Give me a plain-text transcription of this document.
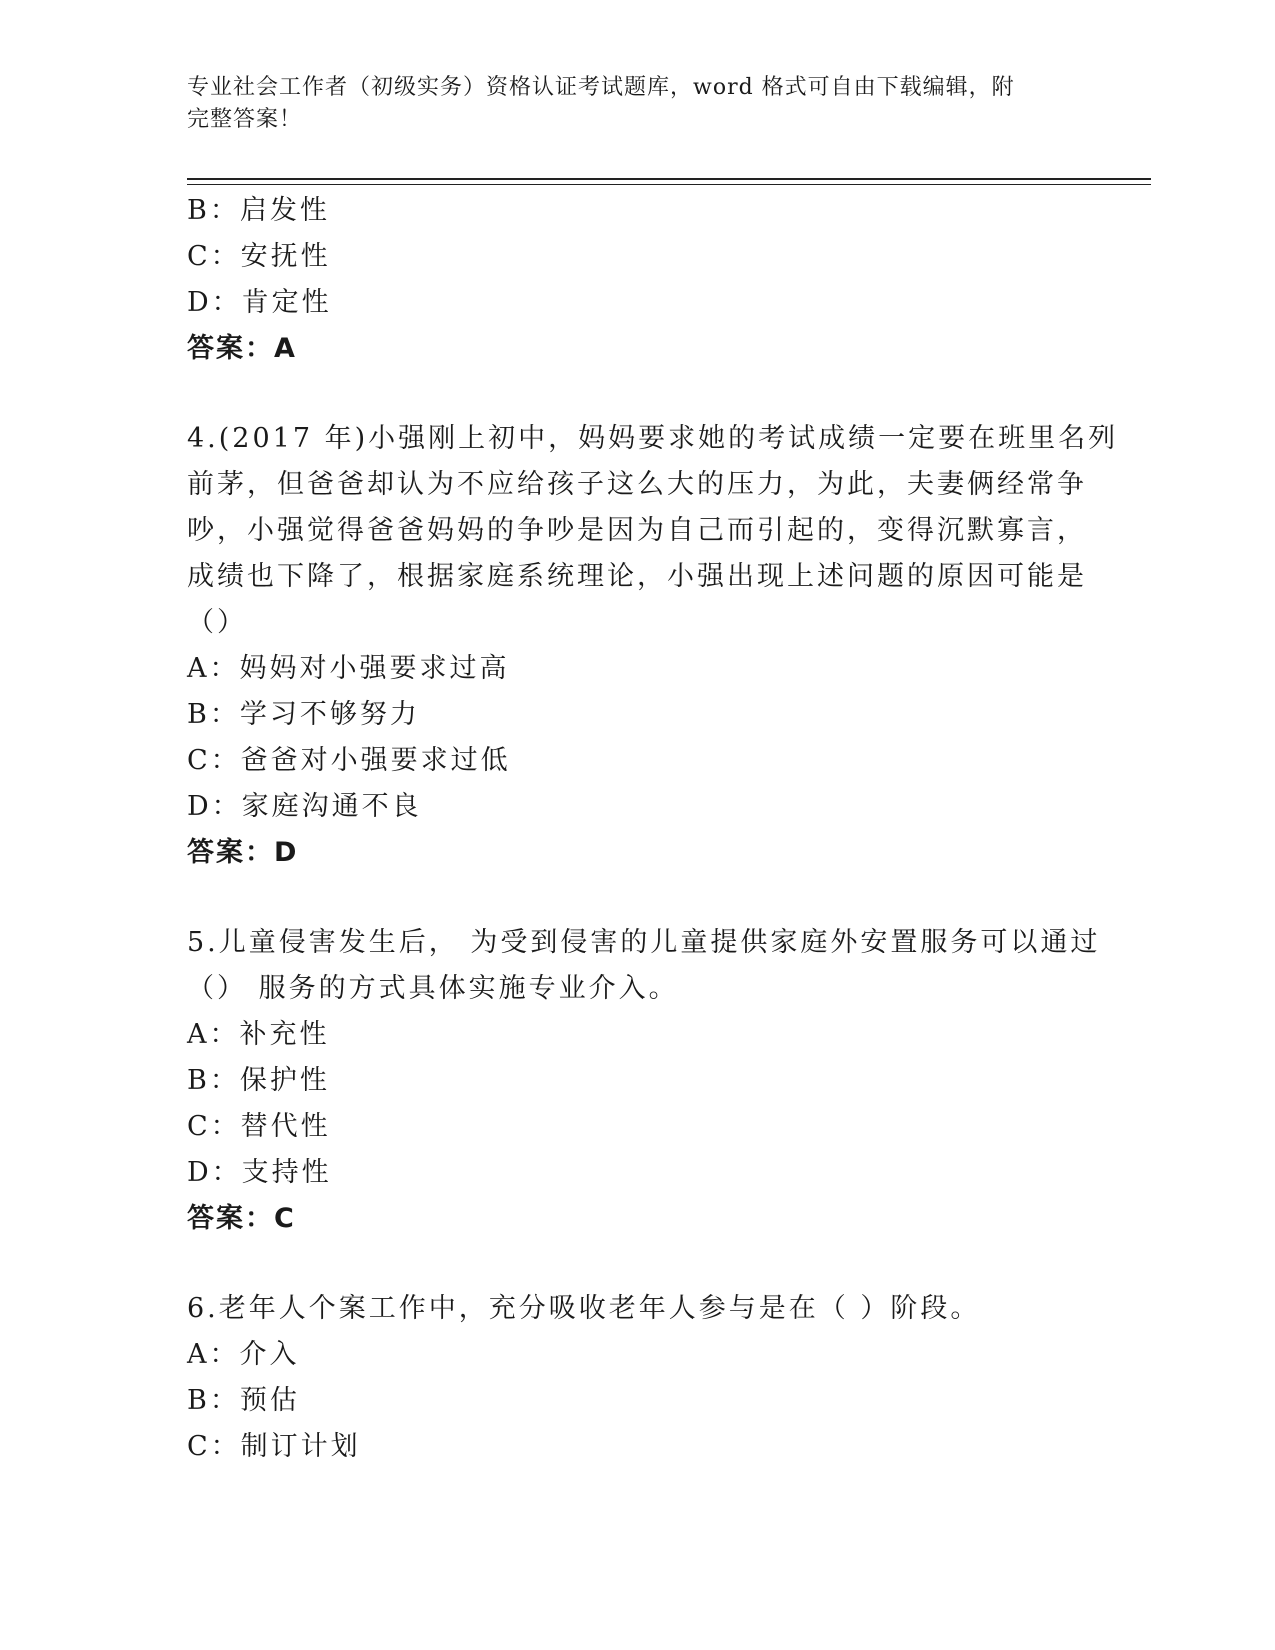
专业社会工作者（初级实务）资格认证考试题库，word 格式可自由下载编辑，附
完整答案！
B：启发性
C：安抚性
D：肯定性
答案：A
4.(2017 年)小强刚上初中，妈妈要求她的考试成绩一定要在班里名列
前茅，但爸爸却认为不应给孩子这么大的压力，为此，夫妻俩经常争
吵，小强觉得爸爸妈妈的争吵是因为自己而引起的，变得沉默寡言，
成绩也下降了，根据家庭系统理论，小强出现上述问题的原因可能是
（）
A：妈妈对小强要求过高
B：学习不够努力
C：爸爸对小强要求过低
D：家庭沟通不良
答案：D
5.儿童侵害发生后， 为受到侵害的儿童提供家庭外安置服务可以通过
（） 服务的方式具体实施专业介入。
A：补充性
B：保护性
C：替代性
D：支持性
答案：C
6.老年人个案工作中，充分吸收老年人参与是在（ ）阶段。
A：介入
B：预估
C：制订计划
